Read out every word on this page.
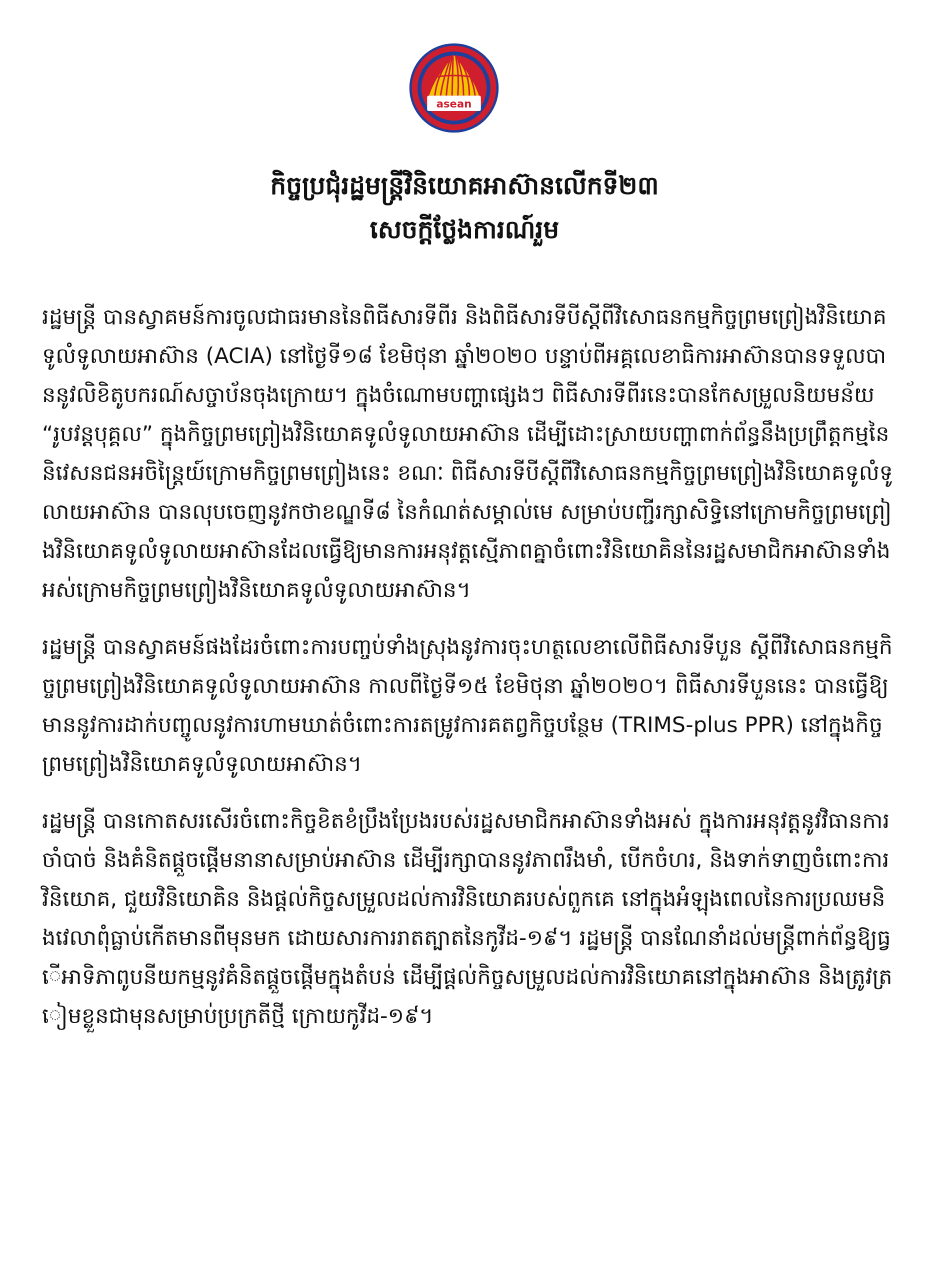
asean

កិច្ចប្រជុំរដ្ឋមន្ត្រីវិនិយោគអាស៊ានលើកទី២៣

សេចក្តីថ្លែងការណ៍រួម

រដ្ឋមន្ត្រី បានស្វាគមន៍ការចូលជាធរមាននៃពិធីសារទីពីរ និងពិធីសារទីបីស្តីពីវិសោធនកម្មកិច្ចព្រមព្រៀងវិនិយោគទូលំទូលាយអាស៊ាន (ACIA) នៅថ្ងៃទី១៨ ខែមិថុនា ឆ្នាំ២០២០ បន្ទាប់ពីអគ្គលេខាធិការអាស៊ានបានទទួលបាននូវលិខិតូបករណ៍សច្ចាប័នចុងក្រោយ។ ក្នុងចំណោមបញ្ហាផ្សេងៗ ពិធីសារទីពីរនេះបានកែសម្រួលនិយមន័យ “រូបវន្តបុគ្គល” ក្នុងកិច្ចព្រមព្រៀងវិនិយោគទូលំទូលាយអាស៊ាន ដើម្បីដោះស្រាយបញ្ហាពាក់ព័ន្ធនឹងប្រព្រឹត្តកម្មនៃនិវេសនជនអចិន្ត្រៃយ៍ក្រោមកិច្ចព្រមព្រៀងនេះ ខណៈ ពិធីសារទីបីស្តីពីវិសោធនកម្មកិច្ចព្រមព្រៀងវិនិយោគទូលំទូលាយអាស៊ាន បានលុបចេញនូវកថាខណ្ឌទី៨ នៃកំណត់សម្គាល់មេ សម្រាប់បញ្ជីរក្សាសិទ្ធិនៅក្រោមកិច្ចព្រមព្រៀងវិនិយោគទូលំទូលាយអាស៊ានដែលធ្វើឱ្យមានការអនុវត្តស្មើភាពគ្នាចំពោះវិនិយោគិននៃរដ្ឋសមាជិកអាស៊ានទាំងអស់ក្រោមកិច្ចព្រមព្រៀងវិនិយោគទូលំទូលាយអាស៊ាន។

រដ្ឋមន្ត្រី បានស្វាគមន៍ផងដែរចំពោះការបញ្ចប់ទាំងស្រុងនូវការចុះហត្ថលេខាលើពិធីសារទីបួន ស្តីពីវិសោធនកម្មកិច្ចព្រមព្រៀងវិនិយោគទូលំទូលាយអាស៊ាន កាលពីថ្ងៃទី១៥ ខែមិថុនា ឆ្នាំ២០២០។ ពិធីសារទីបួននេះ បានធ្វើឱ្យមាននូវការដាក់បញ្ចូលនូវការហាមឃាត់ចំពោះការតម្រូវការគតព្វកិច្ចបន្ថែម (TRIMS-plus PPR) នៅក្នុងកិច្ចព្រមព្រៀងវិនិយោគទូលំទូលាយអាស៊ាន។

រដ្ឋមន្ត្រី បានកោតសរសើរចំពោះកិច្ចខិតខំប្រឹងប្រែងរបស់រដ្ឋសមាជិកអាស៊ានទាំងអស់ ក្នុងការអនុវត្តនូវវិធានការចាំបាច់ និងគំនិតផ្តួចផ្តើមនានាសម្រាប់អាស៊ាន ដើម្បីរក្សាបាននូវភាពរឹងមាំ, បើកចំហរ, និងទាក់ទាញចំពោះការវិនិយោគ, ជួយវិនិយោគិន និងផ្តល់កិច្ចសម្រួលដល់ការវិនិយោគរបស់ពួកគេ នៅក្នុងអំឡុងពេលនៃការប្រឈមនិងវេលាពុំធ្លាប់កើតមានពីមុនមក ដោយសារការរាតត្បាតនៃកូវីដ-១៩។ រដ្ឋមន្ត្រី បានណែនាំដល់មន្ត្រីពាក់ព័ន្ធឱ្យធ្វើអាទិភាពូបនីយកម្មនូវគំនិតផ្តួចផ្តើមក្នុងតំបន់ ដើម្បីផ្តល់កិច្ចសម្រួលដល់ការវិនិយោគនៅក្នុងអាស៊ាន និងត្រូវត្រៀមខ្លួនជាមុនសម្រាប់ប្រក្រតីថ្មី ក្រោយកូវីដ-១៩។
